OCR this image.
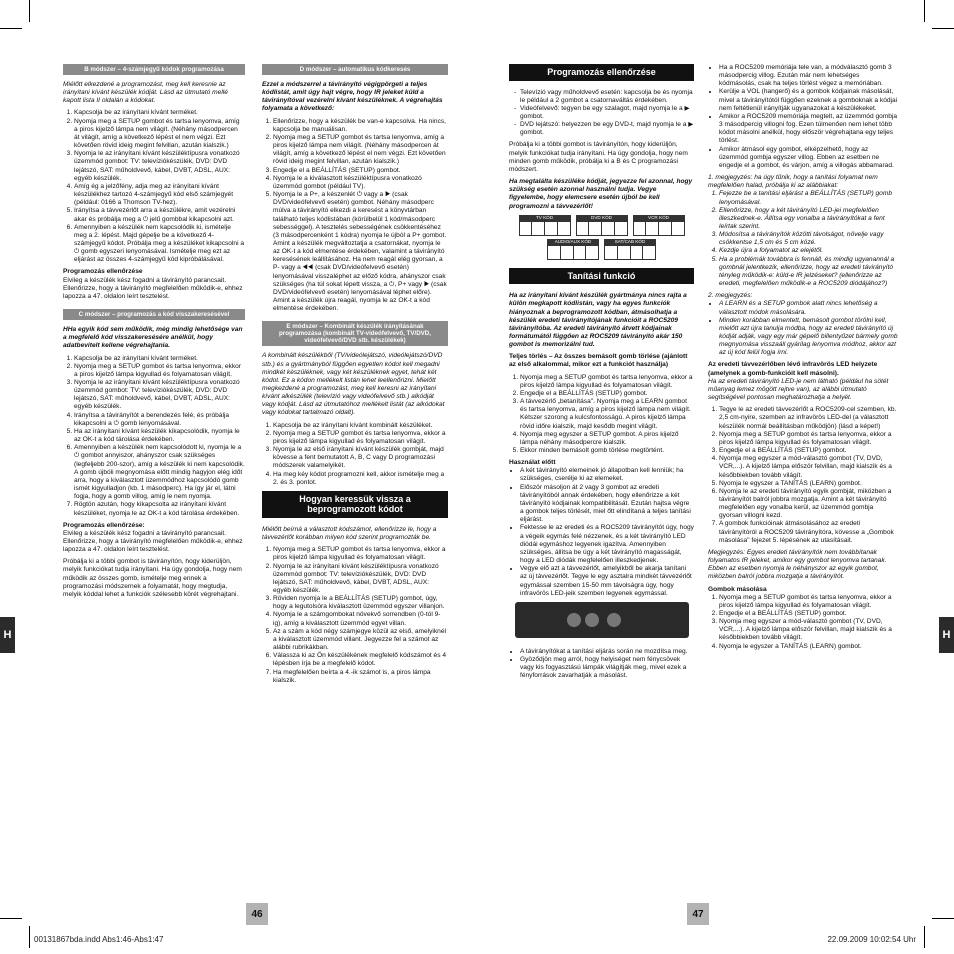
B módszer – 4-számjegyű kódok programozása

Miélőtt elkezdené a programozást, meg kell keresnie az irányítani kívánt készülék kódját. Lásd az útmutató mellé kapott lista II oldalán a kódokat.

1. Kapcsolja be az irányítani kívánt terméket.
2. Nyomja meg a SETUP gombot és tartsa lenyomva, amíg a piros kijelző lámpa nem világít. (Néhány másodpercen át világít, amíg a következő lépést el nem végzi. Ezt követően rövid ideig megint felvillan, azután kialszik.)
3. Nyomja le az irányítani kívánt készüléktípusra vonatkozó üzemmód gombot: TV: televíziókészülék, DVD: DVD lejátszó, SAT: műholdvevő, kábel, DVBT, ADSL, AUX: egyéb készülék.
4. Amíg ég a jelzőfény, adja meg az irányítani kívánt készülékhez tartozó 4-számjegyű kód első számjegyét (például: 0166 a Thomson TV-hez).
5. Irányítsa a távvezérlőt arra a készülékre, amit vezérelni akar és próbálja meg a ⏻ jelű gombbal kikapcsolni azt.
6. Amennyiben a készülék nem kapcsolódik ki, ismételje meg a 2. lépést. Majd gépelje be a következő 4-számjegyű kódot. Próbálja meg a készüléket kikapcsolni a ⏻ gomb egyszeri lenyomásával. Ismételje meg ezt az eljárást az összes 4-számjegyű kód kipróbálásával.

Programozás ellenőrzése

Elvileg a készülék kész fogadni a távirányító parancsait. Ellenőrizze, hogy a távirányító megfelelően működik-e, ehhez lapozza a 47. oldalon leírt tesztelést.

C módszer – programozás a kód visszakeresésével

HHa egyik kód sem működik, még mindig lehetősége van a megfelelő kód visszakeresésére anélkül, hogy adatbevitelt kellene végrehajtania.

1. Kapcsolja be az irányítani kívánt terméket.
2. Nyomja meg a SETUP gombot és tartsa lenyomva, ekkor a piros kijelző lámpa kigyullad és folyamatosan világít.
3. Nyomja le az irányítani kívánt készüléktípusra vonatkozó üzemmód gombot: TV: televíziókészülék, DVD: DVD lejátszó, SAT: műholdvevő, kábel, DVBT, ADSL, AUX: egyéb készülék.
4. Irányítsa a távirányítót a berendezés felé, és próbálja kikapcsolni a ⏻ gomb lenyomásával.
5. Ha az irányítani kívánt készülék kikapcsolódik, nyomja le az OK-t a kód tárolása érdekében.
6. Amennyiben a készülék nem kapcsolódott ki, nyomja le a ⏻ gombot annyiszor, ahányszor csak szükséges (legfeljebb 200-szor), amíg a készülék ki nem kapcsolódik. A gomb újbóli megnyomása előtt mindig hagyjon elég időt arra, hogy a kiválasztott üzemmódhoz kapcsolódó gomb ismét kigyulladjon (kb. 1 másodperc). Ha így jár el, látni fogja, hogy a gomb villog, amíg le nem nyomja.
7. Rögtön azután, hogy kikapcsolta az irányítani kívánt készüléket, nyomja le az OK-t a kód tárolása érdekében.

Programozás ellenőrzése:

Elvileg a készülék kész fogadni a távirányító parancsait. Ellenőrizze, hogy a távirányító megfelelően működik-e, ehhez lapozza a 47. oldalon leírt tesztelést.

Próbálja ki a többi gombot is távirányítón, hogy kiderüljön, melyik funkciókat tudja irányítani. Ha úgy gondolja, hogy nem

működik az összes gomb, ismételje meg ennek a programozási módszernek a folyamatát, hogy megtudja, melyik kóddal lehet a funkciók szélesebb körét végrehajtani.

D módszer – automatikus kódkeresés

Ezzel a módszerrel a távirányító végigpörgeti a teljes kódlistát, amit úgy hajt végre, hogy IR jeleket küld a távirányítóval vezérelni kívánt készüléknek. A végrehajtás folyamata a következő:

1. Ellenőrizze, hogy a készülék be van-e kapcsolva. Ha nincs, kapcsolja be manuálisan.
2. Nyomja meg a SETUP gombot és tartsa lenyomva, amíg a piros kijelző lámpa nem világít. (Néhány másodpercen át világít, amíg a következő lépést el nem végzi. Ezt követően rövid ideig megint felvillan, azután kialszik.)
3. Engedje el a BEÁLLÍTÁS (SETUP) gombot.
4. Nyomja le a kiválasztott készüléktípusra vonatkozó üzemmód gombot (például TV).
5. Nyomja le a P+, a készenlét ⏻ vagy a ▶ (csak DVD/videófelvevő esetén) gombot. Néhány másodperc múlva a távirányító elkezdi a keresést a könyvtárban található teljes kódlistában (körülbelül 1 kód/másodperc sebességgel). A tesztelés sebességének csökkentéséhez (3 másodpercenként 1 kódra) nyomja le újból a P+ gombot. Amint a készülék megváltoztatja a csatornákat, nyomja le az OK-t a kód elmentése érdekében, valamint a távirányító keresésének leállításához. Ha nem reagál elég gyorsan, a P- vagy a ◀◀ (csak DVD/videófelvevő esetén) lenyomásával visszaléphet az előző kódra, ahányszor csak szükséges (ha túl sokat lépett vissza, a ⏻, P+ vagy ▶ (csak DVD/videófelvevő esetén) lenyomásával léphet előre). Amint a készülék újra reagál, nyomja le az OK-t a kód elmentése érdekében.
E módszer – Kombinált készülék irányításának programozása (kombinált TV-videófelvevő, TV/DVD, videófelvevő/DVD stb. készülékek)

A kombinált készülékből (TV/videólejátszó, videólejátszó/DVD stb.) és a gyártmányból függően egyetlen kódot kell megadni mindkét készüléknek, vagy két készüléknek egyet, tehát két kódot. Ez a kódon mellékelt listán lehet leellenőrizni. Mielőtt megkezdené a programozást, meg kell keresni az irányítani kívánt alkészülék (televízió vagy videófelvevő stb.) alkódját vagy kódját. Lásd az útmutatóhoz mellékelt listát (az alkódokat vagy kódokat tartalmazó oldalt).

1. Kapcsolja be az irányítani kívánt kombinált készüléket.
2. Nyomja meg a SETUP gombot és tartsa lenyomva, ekkor a piros kijelző lámpa kigyullad és folyamatosan világít.
3. Nyomja le az első irányítani kívánt készülék gombját, majd kövesse a fent bemutatott A, B, C vagy D programozási módszerek valamelyikét.
4. Ha meg kéy kódot programozni kell, akkor ismételje meg a 2. és 3. pontot.
Hogyan keressük vissza a beprogramozott kódot

Miélőtt beírná a választott kódszámot, ellenőrizze le, hogy a távvezérlőt korábban milyen kód szerint programozták be.

1. Nyomja meg a SETUP gombot és tartsa lenyomva, ekkor a piros kijelző lámpa kigyullad és folyamatosan világít.
2. Nyomja le az irányítani kívánt készüléktípusra vonatkozó üzemmód gombot: TV: televíziókészülék, DVD: DVD lejátszó, SAT: műholdvevő, kábel, DVBT, ADSL, AUX: egyéb készülék.
3. Röviden nyomja le a BEÁLLÍTÁS (SETUP) gombot, úgy, hogy a legutolsóra kiválasztott üzemmód egyszer villanjon.
4. Nyomja le a számgombokat növekvő sorrendben (0-tól 9-ig), amíg a kiválasztott üzemmód egyet villan.
5. Az a szám a kód négy számjegye közül az első, amelyiknél a kiválasztott üzemmód villant. Jegyezze fel a számot az alábbi rubrikákban.
6. Válassza ki az Ön készülékének megfelelő kódszámot és 4 lépésben írja be a megfelelő kódot.
7. Ha megfelelően beírta a 4.-ik számot is, a piros lámpa kialszik.
H
46
Programozás ellenőrzése
- Televízió vagy műholdvevő esetén: kapcsolja be és nyomja le például a 2 gombot a csatornaváltás érdekében.
- Videófelvevő: tegyen be egy szalagot, majd nyomja le a ▶ gombot.
- DVD lejátszó: helyezzen be egy DVD-t, majd nyomja le a ▶ gombot.

Próbálja ki a többi gombot is távirányítón, hogy kiderüljön, melyik funkciókat tudja irányítani. Ha úgy gondolja, hogy nem minden gomb működik, próbálja ki a B és C programozási módszert.

Ha megtalálta készüléke kódját, jegyezze fel azonnal, hogy szükség esetén azonnal használni tudja. Vegye figyelembe, hogy elemcsere esetén újból be kell programozni a távvezérlőt!

TV KÓD	DVD KÓD	VCR KÓD
AUDIO/AUX KÓD	SAT/CAB KÓD
Tanítási funkció

Ha az irányítani kívánt készülék gyártmánya nincs rajta a külön megkapott kódlistán, vagy ha egyes funkciók hiányoznak a beprogramozott kódban, átmásolhatja a készülék eredeti távirányítójának funkcióit a ROC5209 távirányítóba. Az eredeti távirányító átvett kódjainak formátumától függően az ROC5209 távirányító akár 150 gombot is memorizálni tud.

Teljes törlés – Az összes bemásolt gomb törlése (ajánlott az első alkalommal, mikor ezt a funkciót használja)

1. Nyomja meg a SETUP gombot és tartsa lenyomva, ekkor a piros kijelző lámpa kigyullad és folyamatosan világít.
2. Engedje el a BEÁLLÍTÁS (SETUP) gombot.
3. A távvezérlő „betanítása". Nyomja meg a LEARN gombot és tartsa lenyomva, amíg a piros kijelző lámpa nem világít. Kétszer szorong a kulcsfontosságú. A piros kijelző lámpa rövid időre kialszik, majd kesődb megint világít.
4. Nyomja meg egyszer a SETUP gombot. A piros kijelző lámpa néhány másodpercre kialszik.
5. Ekkor minden bemásolt gomb törlése megtörtént.

Használat előtt

• A két távirányító elemeinek jó állapotban kell lenniük; ha szükséges, cserélje ki az elemeket.
• Először másoljon át 2 vagy 3 gombot az eredeti távirányítóból annak érdekében, hogy ellenőrizze a két távirányító kódjainak kompatibilitását. Ezután hajtsa végre a gombok teljes törlését, miel őtt elindítaná a teljes tanítási eljárást.
• Fektesse le az eredeti és a ROC5209 távirányítót úgy, hogy a végeik egymás felé nézzenek, és a két távirányító LED diódái egymáshoz legyenek igazítva. Amennyiben szükséges, állítsa be úgy a két távirányító magasságát, hogy a LED diódák megfelelően illeszkedjenek.
• Vegye elő azt a távvezérlőt, amelyikből be akarja tanítani az új távvezérlőt. Tegye le egy asztalra mindkét távvezérlőt egymással szemben 15-50 mm távolságra úgy, hogy infravörös LED-jeik szemben legyenek egymással.
• A távirányítókat a tanítási eljárás során ne mozdítsa meg.
• Gyöződjön meg arról, hogy helyiséget nem fénycsövek vagy kis fogyasztású lámpák világítják meg, mivel ezek a fényforrások zavarhatják a másolást.
• Ha a ROC5209 memóriája tele van, a módválasztó gomb 3 másodpercig villog. Ezután már nem lehetséges kódmásolás, csak ha teljes törlést végez a memóriában.
• Kerülje a VOL (hangerő) és a gombok kódjainak másolását, mivel a távirányítótól függően ezeknek a gomboknak a kódjai nem feltétlenül irányítják ugyanazokat a készülékeket.
• Amikor a ROC5209 memóriája megtelt, az üzemmód gombja 3 másodpercig villogni fog. Ezen túlmenően nem lehet több kódot másolni anélkül, hogy először végrehajtana egy teljes törlést.
• Amikor átmásol egy gombot, elképzelhető, hogy az üzemmód gombja egyszer villog. Ebben az esetben ne engedje el a gombot, és várjon, amíg a villogás abbamarad.

1. megjegyzés: ha úgy tűnik, hogy a tanítási folyamat nem megfelelően halad, próbálja ki az alábbiakat:

1. Fejezze be a tanítási eljárást a BEÁLLÍTÁS (SETUP) gomb lenyomásával.
2. Ellenőrizze, hogy a két távirányító LED-jei megfelelően illeszkednek-e. Állítsa egy vonalba a távirányítókat a fent leírtak szerint.
3. Módosítsa a távirányítók közötti távolságot, növelje vagy csökkentse 1,5 cm és 5 cm közé.
4. Kezdje újra a folyamatot az elejétől.
5. Ha a problémák továbbra is fennáll, és mindig ugyanannál a gombnál jelentkezik, ellenőrizze, hogy az eredeti távirányító tényleg működik-e: küld-e IR jelzéseket? (ellenőrizze az eredeti, megfelelően működik-e a ROC5209 diódájához?)

2. megjegyzés:

• A LEARN és a SETUP gombok alatt nincs lehetőség a választott módok másolására.
• Minden korábban elmentett, bemásolt gombot törölni kell, mielőtt azt újra tanulja módba, hogy az eredeti távirányító új kódját adják, vagy egy már gépelő billentyűzet bármely gomb megnyomása visszaáll gyárilag lenyomva módhoz, akkor azt az új kód felül fogja írni.

Az eredeti távvezérlőben lévő infravörös LED helyzete (amelynek a gomb-funkcióit kell másolni).

Ha az eredeti távirányító LED-je nem látható (például ha sötét műanyag lemez mögött rejtve van), az alábbi útmutató segítségével pontosan meghatározhatja a helyét.

1. Tegye le az eredeti távvezérlőt a ROC5209-cel szemben, kb. 2,5 cm-nyire, szemben az infravörös LED-del (a választott készülék normál beállításban működjön) (lásd a képet!)
2. Nyomja meg a SETUP gombot és tartsa lenyomva, ekkor a piros kijelző lámpa kigyullad és folyamatosan világít.
3. Engedje el a BEÁLLÍTÁS (SETUP) gombot.
4. Nyomja meg egyszer a mód-választó gombot (TV, DVD, VCR,...). A kijelző lámpa először felvillan, majd kialszik és a későbbiekben tovább világít.
5. Nyomja le egyszer a TANÍTÁS (LEARN) gombot.
6. Nyomja le az eredeti távirányító egyik gombját, miközben a távirányítót balról jobbra mozgatja. Amint a két távirányító megfelelően egy vonalba kerül, az üzemmód gombja gyorsan villogni kezd.
7. A gombok funkcióinak átmásolásához az eredeti távirányítóról a ROC5209 távirányítóra, kövesse a „Gombok másolása" fejezet 5. lépésének az utasításait.

Megjegyzés: Egyes eredeti távirányítók nem továbbítanak folyamatos IR jeleket, amikor egy gombot lenyomva tartanak. Ebben az esetben nyomja le néhányszor az egyik gombot, miközben balról jobbra mozgatja a távirányítót.

Gombok másolása

1. Nyomja meg a SETUP gombot és tartsa lenyomva, ekkor a piros kijelző lámpa kigyullad és folyamatosan világít.
2. Engedje el a BEÁLLÍTÁS (SETUP) gombot.
3. Nyomja meg egyszer a mód-választó gombot (TV, DVD, VCR,...). A kijelző lámpa először felvillan, majd kialszik és a későbbiekben tovább világít.
4. Nyomja le egyszer a TANÍTÁS (LEARN) gombot.
H
47
00131867bda.indd Abs1:46-Abs1:47	22.09.2009 10:02:54 Uhr
